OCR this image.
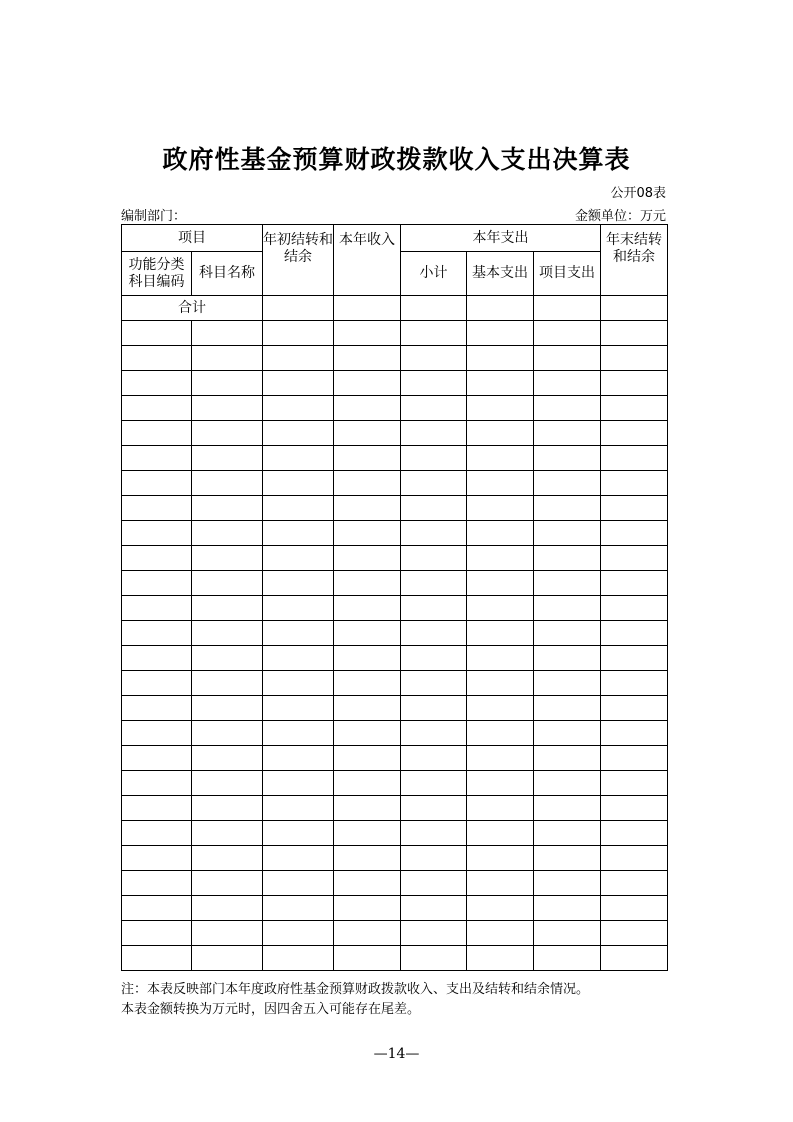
政府性基金预算财政拨款收入支出决算表
公开08表
编制部门：	金额单位：万元
项目		年初结转和结余	本年收入	本年支出			年末结转和结余
功能分类科目编码	科目名称			小计	基本支出	项目支出	
合计							

注：本表反映部门本年度政府性基金预算财政拨款收入、支出及结转和结余情况。
本表金额转换为万元时，因四舍五入可能存在尾差。
—14—
